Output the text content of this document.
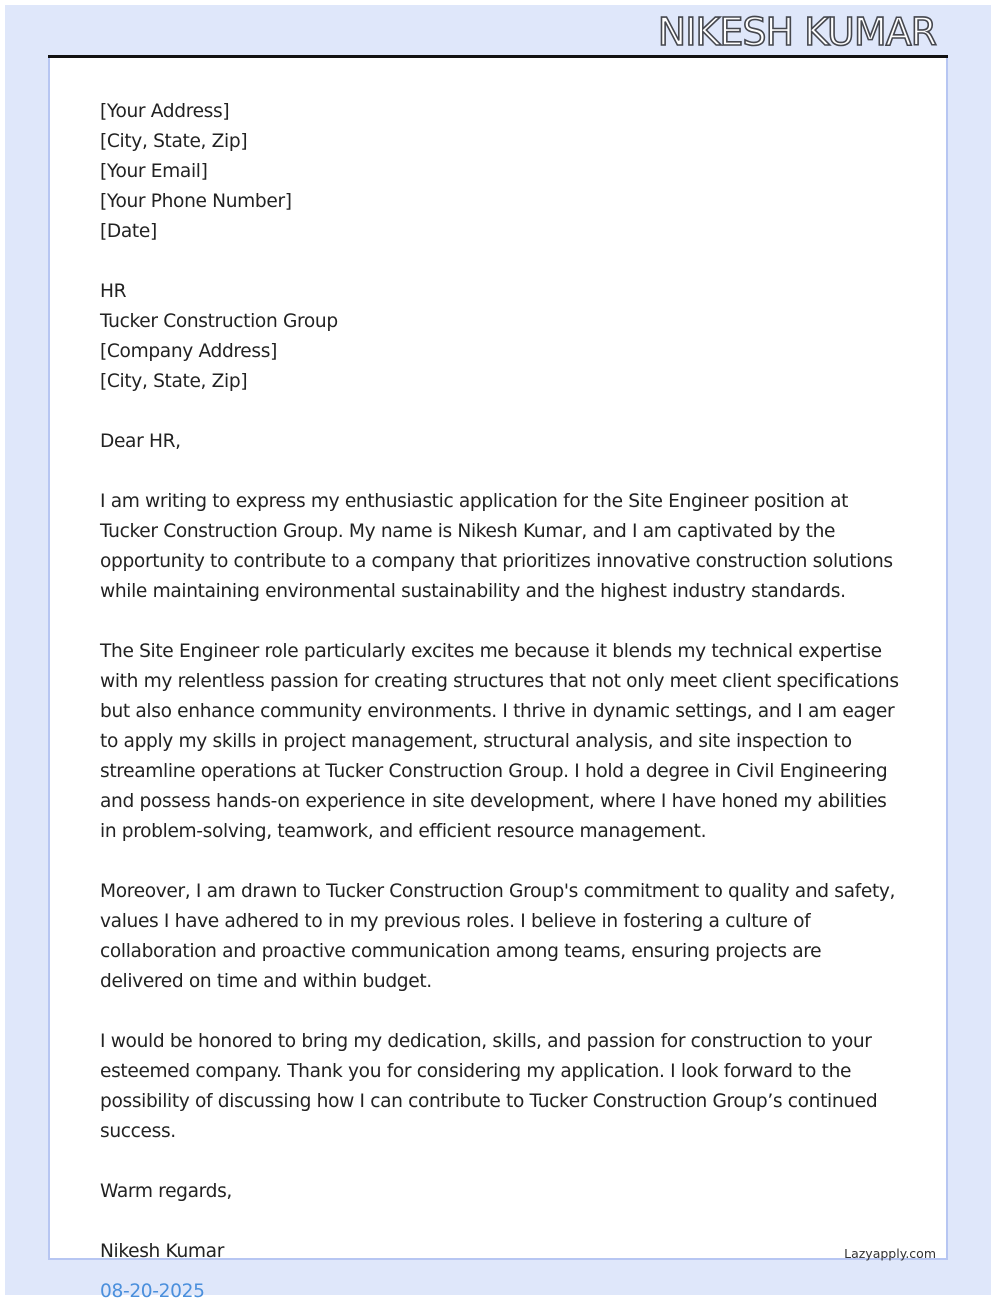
NIKESH KUMAR

[Your Address]
[City, State, Zip]
[Your Email]
[Your Phone Number]
[Date]

HR
Tucker Construction Group
[Company Address]
[City, State, Zip]

Dear HR,

I am writing to express my enthusiastic application for the Site Engineer position at Tucker Construction Group. My name is Nikesh Kumar, and I am captivated by the opportunity to contribute to a company that prioritizes innovative construction solutions while maintaining environmental sustainability and the highest industry standards.

The Site Engineer role particularly excites me because it blends my technical expertise with my relentless passion for creating structures that not only meet client specifications but also enhance community environments. I thrive in dynamic settings, and I am eager to apply my skills in project management, structural analysis, and site inspection to streamline operations at Tucker Construction Group. I hold a degree in Civil Engineering and possess hands-on experience in site development, where I have honed my abilities in problem-solving, teamwork, and efficient resource management.

Moreover, I am drawn to Tucker Construction Group's commitment to quality and safety, values I have adhered to in my previous roles. I believe in fostering a culture of collaboration and proactive communication among teams, ensuring projects are delivered on time and within budget.

I would be honored to bring my dedication, skills, and passion for construction to your esteemed company. Thank you for considering my application. I look forward to the possibility of discussing how I can contribute to Tucker Construction Group’s continued success.

Warm regards,

Nikesh Kumar
08-20-2025
Lazyapply.com
